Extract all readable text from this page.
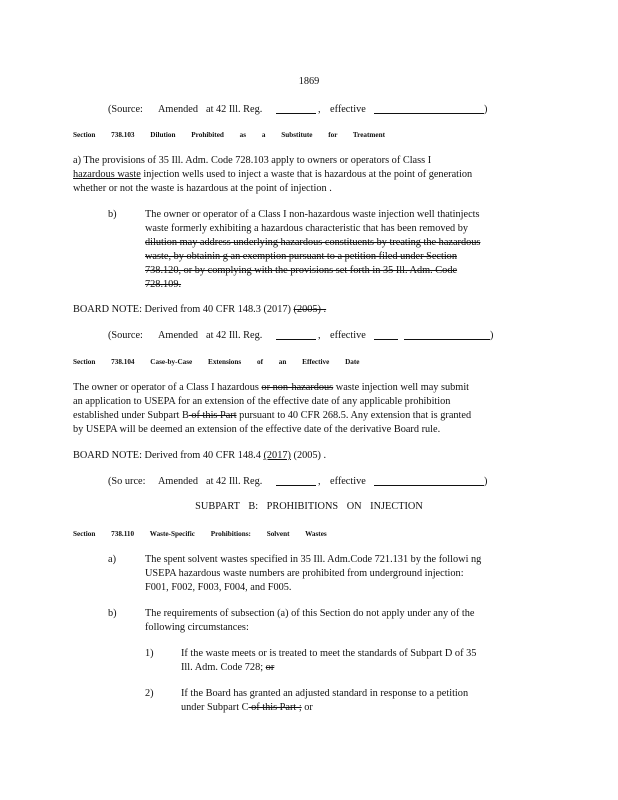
1869
(Source: Amended at 42 Ill. Reg.	, effective	)
Section 738.103 Dilution Prohibited as a Substitute for Treatment
a) The provisions of 35 Ill. Adm. Code 728.103 apply to owners or operators of Class I
hazardous waste injection wells used to inject a waste that is hazardous at the point of generation
whether or not the waste is hazardous at the point of injection .
b)	The owner or operator of a Class I non-hazardous waste injection well thatinjects
waste formerly exhibiting a hazardous characteristic that has been removed by
dilution may address underlying hazardous constituents by treating the hazardous
waste, by obtainin g an exemption pursuant to a petition filed under Section
738.120, or by complying with the provisions set forth in 35 Ill. Adm. Code
728.109.
BOARD NOTE: Derived from 40 CFR 148.3 (2017) (2005) .
(Source: Amended at 42 Ill. Reg.	, effective	)
Section 738.104 Case-by-Case Extensions of an Effective Date
The owner or operator of a Class I hazardous or non-hazardous waste injection well may submit
an application to USEPA for an extension of the effective date of any applicable prohibition
established under Subpart B of this Part pursuant to 40 CFR 268.5. Any extension that is granted
by USEPA will be deemed an extension of the effective date of the derivative Board rule.
BOARD NOTE: Derived from 40 CFR 148.4 (2017) (2005) .
(So urce: Amended at 42 Ill. Reg.	, effective	)
SUBPART B: PROHIBITIONS ON INJECTION
Section 738.110 Waste-Specific Prohibitions: Solvent Wastes
a)	The spent solvent wastes specified in 35 Ill. Adm.Code 721.131 by the followi ng
USEPA hazardous waste numbers are prohibited from underground injection:
F001, F002, F003, F004, and F005.
b)	The requirements of subsection (a) of this Section do not apply under any of the
following circumstances:
1)	If the waste meets or is treated to meet the standards of Subpart D of 35
Ill. Adm. Code 728; or
2)	If the Board has granted an adjusted standard in response to a petition
under Subpart C of this Part ; or
